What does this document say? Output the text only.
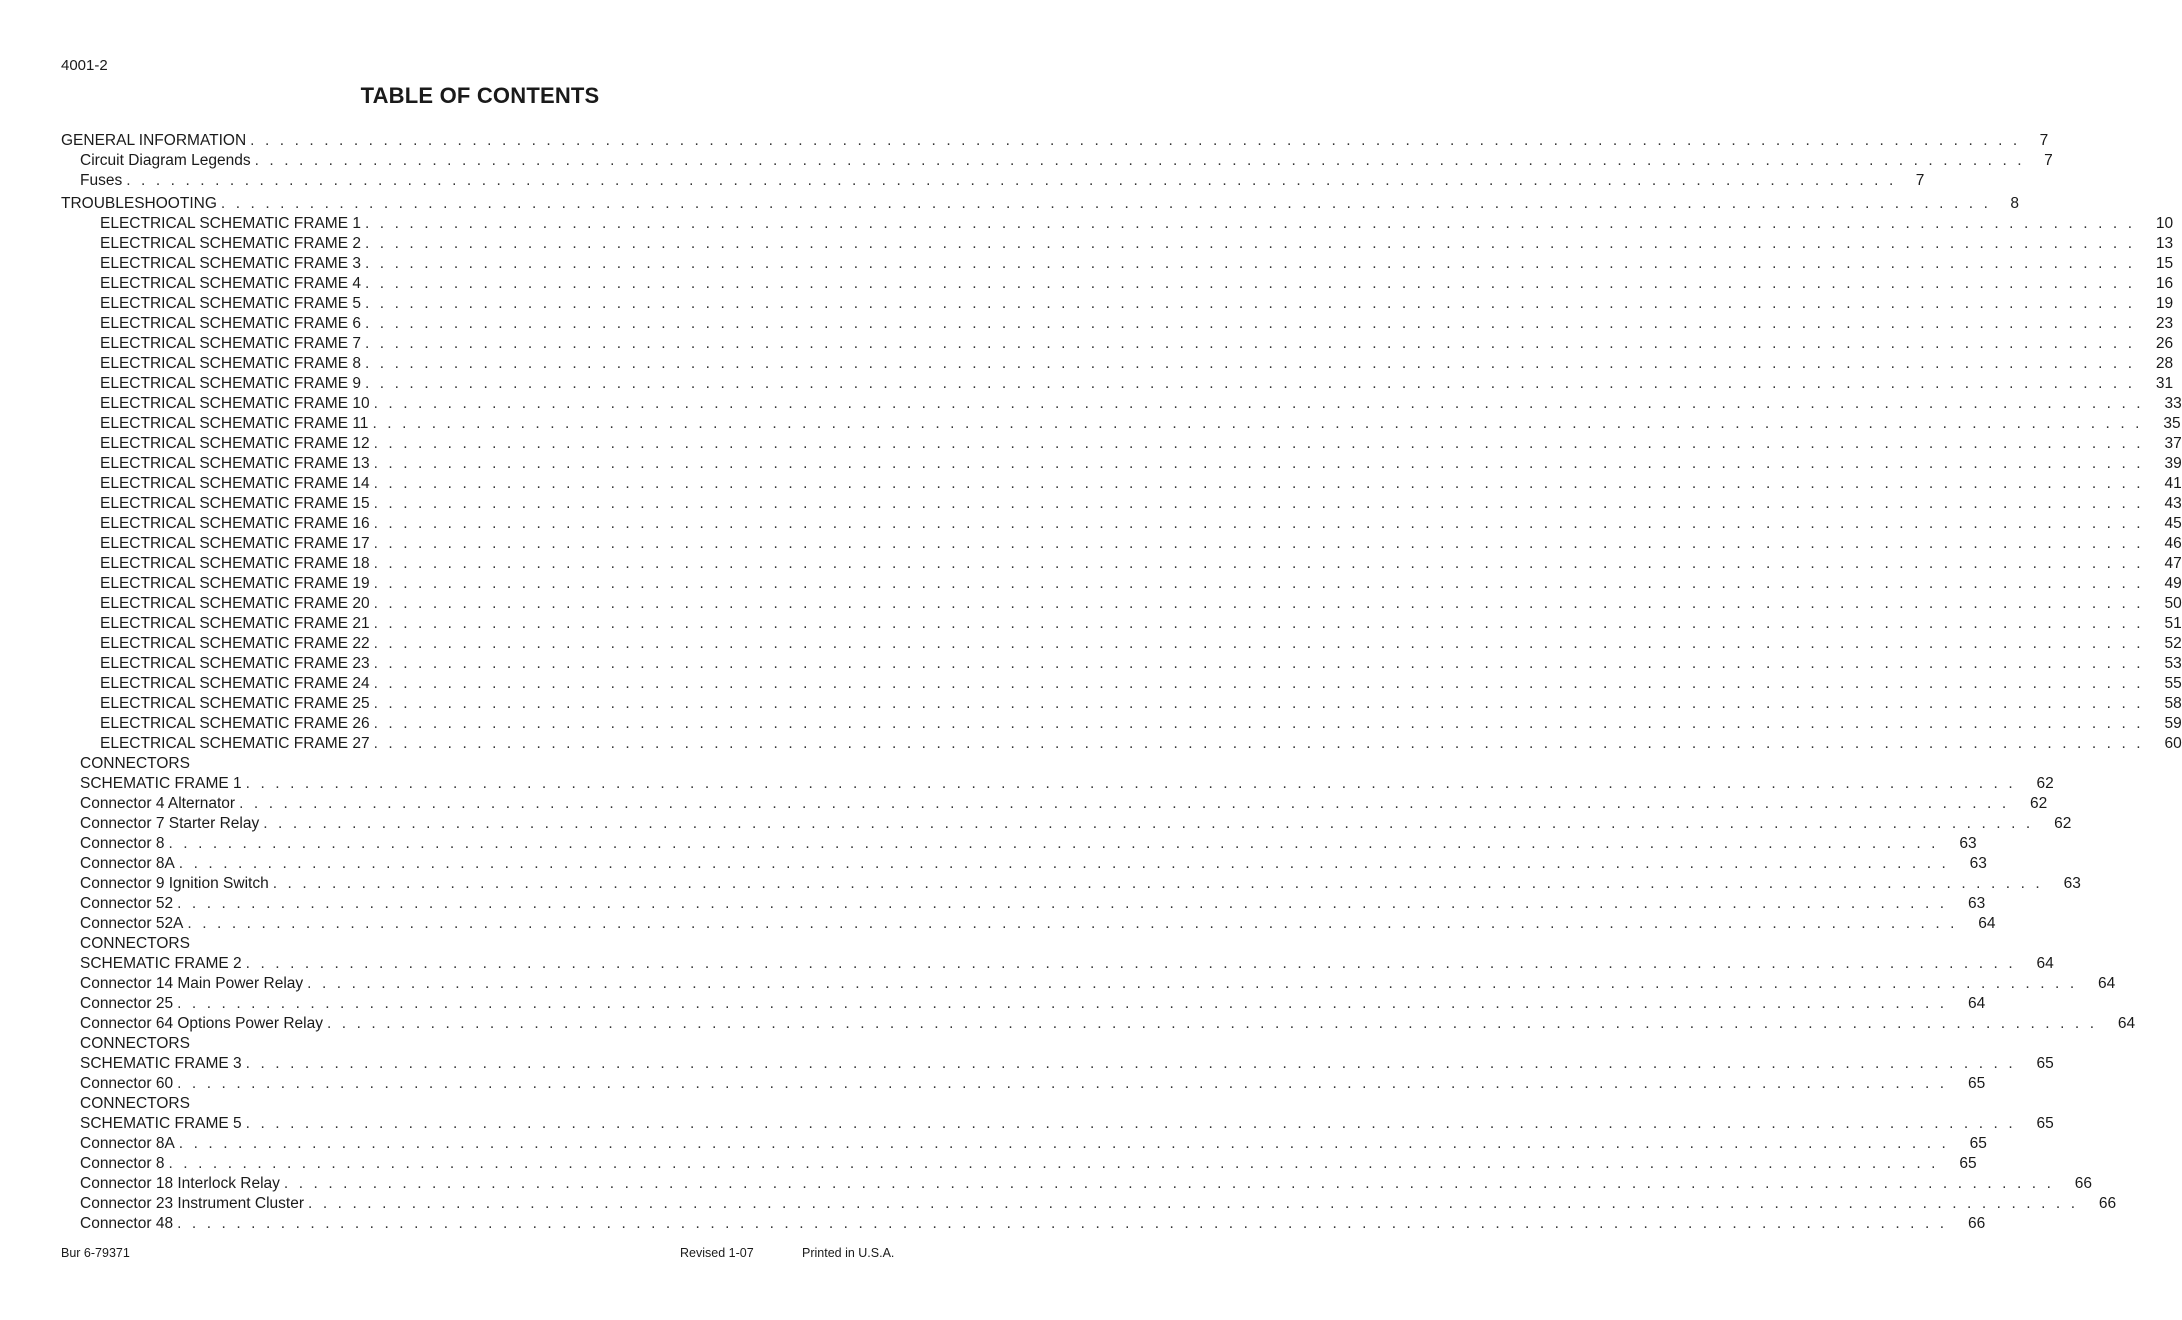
4001-2
TABLE OF CONTENTS
GENERAL INFORMATION . . . . . . . . . . . . . . . . . . . . . . . . . . . . . . . . . . . . . . . . . . . . . . . . . . . . . . . . . . . . . . . . . . . . . . . . . . . . . . . . . . . . . . . . . . . . . . . . . . . . . . . . . . . . . . . . . . . . . . . .	7
Circuit Diagram Legends . . . . . . . . . . . . . . . . . . . . . . . . . . . . . . . . . . . . . . . . . . . . . . . . . . . . . . . . . . . . . . . . . . . . . . . . . . . . . . . . . . . . . . . . . . . . . . . . . . . . . . . . . . . . . . . . . . . . . . . .	7
Fuses . . . . . . . . . . . . . . . . . . . . . . . . . . . . . . . . . . . . . . . . . . . . . . . . . . . . . . . . . . . . . . . . . . . . . . . . . . . . . . . . . . . . . . . . . . . . . . . . . . . . . . . . . . . . . . . . . . . . . . . .	7
TROUBLESHOOTING . . . . . . . . . . . . . . . . . . . . . . . . . . . . . . . . . . . . . . . . . . . . . . . . . . . . . . . . . . . . . . . . . . . . . . . . . . . . . . . . . . . . . . . . . . . . . . . . . . . . . . . . . . . . . . . . . . . . . . . .	8
ELECTRICAL SCHEMATIC FRAME 1 . . . . . . . . . . . . . . . . . . . . . . . . . . . . . . . . . . . . . . . . . . . . . . . . . . . . . . . . . . . . . . . . . . . . . . . . . . . . . . . . . . . . . . . . . . . . . . . . . . . . . . . . . . . . . . . . . . . . . . . .	10
ELECTRICAL SCHEMATIC FRAME 2 . . . . . . . . . . . . . . . . . . . . . . . . . . . . . . . . . . . . . . . . . . . . . . . . . . . . . . . . . . . . . . . . . . . . . . . . . . . . . . . . . . . . . . . . . . . . . . . . . . . . . . . . . . . . . . . . . . . . . . . .	13
ELECTRICAL SCHEMATIC FRAME 3 . . . . . . . . . . . . . . . . . . . . . . . . . . . . . . . . . . . . . . . . . . . . . . . . . . . . . . . . . . . . . . . . . . . . . . . . . . . . . . . . . . . . . . . . . . . . . . . . . . . . . . . . . . . . . . . . . . . . . . . .	15
ELECTRICAL SCHEMATIC FRAME 4 . . . . . . . . . . . . . . . . . . . . . . . . . . . . . . . . . . . . . . . . . . . . . . . . . . . . . . . . . . . . . . . . . . . . . . . . . . . . . . . . . . . . . . . . . . . . . . . . . . . . . . . . . . . . . . . . . . . . . . . .	16
ELECTRICAL SCHEMATIC FRAME 5 . . . . . . . . . . . . . . . . . . . . . . . . . . . . . . . . . . . . . . . . . . . . . . . . . . . . . . . . . . . . . . . . . . . . . . . . . . . . . . . . . . . . . . . . . . . . . . . . . . . . . . . . . . . . . . . . . . . . . . . .	19
ELECTRICAL SCHEMATIC FRAME 6 . . . . . . . . . . . . . . . . . . . . . . . . . . . . . . . . . . . . . . . . . . . . . . . . . . . . . . . . . . . . . . . . . . . . . . . . . . . . . . . . . . . . . . . . . . . . . . . . . . . . . . . . . . . . . . . . . . . . . . . .	23
ELECTRICAL SCHEMATIC FRAME 7 . . . . . . . . . . . . . . . . . . . . . . . . . . . . . . . . . . . . . . . . . . . . . . . . . . . . . . . . . . . . . . . . . . . . . . . . . . . . . . . . . . . . . . . . . . . . . . . . . . . . . . . . . . . . . . . . . . . . . . . .	26
ELECTRICAL SCHEMATIC FRAME 8 . . . . . . . . . . . . . . . . . . . . . . . . . . . . . . . . . . . . . . . . . . . . . . . . . . . . . . . . . . . . . . . . . . . . . . . . . . . . . . . . . . . . . . . . . . . . . . . . . . . . . . . . . . . . . . . . . . . . . . . .	28
ELECTRICAL SCHEMATIC FRAME 9 . . . . . . . . . . . . . . . . . . . . . . . . . . . . . . . . . . . . . . . . . . . . . . . . . . . . . . . . . . . . . . . . . . . . . . . . . . . . . . . . . . . . . . . . . . . . . . . . . . . . . . . . . . . . . . . . . . . . . . . .	31
ELECTRICAL SCHEMATIC FRAME 10 . . . . . . . . . . . . . . . . . . . . . . . . . . . . . . . . . . . . . . . . . . . . . . . . . . . . . . . . . . . . . . . . . . . . . . . . . . . . . . . . . . . . . . . . . . . . . . . . . . . . . . . . . . . . . . . . . . . . . . . .	33
ELECTRICAL SCHEMATIC FRAME 11 . . . . . . . . . . . . . . . . . . . . . . . . . . . . . . . . . . . . . . . . . . . . . . . . . . . . . . . . . . . . . . . . . . . . . . . . . . . . . . . . . . . . . . . . . . . . . . . . . . . . . . . . . . . . . . . . . . . . . . . .	35
ELECTRICAL SCHEMATIC FRAME 12 . . . . . . . . . . . . . . . . . . . . . . . . . . . . . . . . . . . . . . . . . . . . . . . . . . . . . . . . . . . . . . . . . . . . . . . . . . . . . . . . . . . . . . . . . . . . . . . . . . . . . . . . . . . . . . . . . . . . . . . .	37
ELECTRICAL SCHEMATIC FRAME 13 . . . . . . . . . . . . . . . . . . . . . . . . . . . . . . . . . . . . . . . . . . . . . . . . . . . . . . . . . . . . . . . . . . . . . . . . . . . . . . . . . . . . . . . . . . . . . . . . . . . . . . . . . . . . . . . . . . . . . . . .	39
ELECTRICAL SCHEMATIC FRAME 14 . . . . . . . . . . . . . . . . . . . . . . . . . . . . . . . . . . . . . . . . . . . . . . . . . . . . . . . . . . . . . . . . . . . . . . . . . . . . . . . . . . . . . . . . . . . . . . . . . . . . . . . . . . . . . . . . . . . . . . . .	41
ELECTRICAL SCHEMATIC FRAME 15 . . . . . . . . . . . . . . . . . . . . . . . . . . . . . . . . . . . . . . . . . . . . . . . . . . . . . . . . . . . . . . . . . . . . . . . . . . . . . . . . . . . . . . . . . . . . . . . . . . . . . . . . . . . . . . . . . . . . . . . .	43
ELECTRICAL SCHEMATIC FRAME 16 . . . . . . . . . . . . . . . . . . . . . . . . . . . . . . . . . . . . . . . . . . . . . . . . . . . . . . . . . . . . . . . . . . . . . . . . . . . . . . . . . . . . . . . . . . . . . . . . . . . . . . . . . . . . . . . . . . . . . . . .	45
ELECTRICAL SCHEMATIC FRAME 17 . . . . . . . . . . . . . . . . . . . . . . . . . . . . . . . . . . . . . . . . . . . . . . . . . . . . . . . . . . . . . . . . . . . . . . . . . . . . . . . . . . . . . . . . . . . . . . . . . . . . . . . . . . . . . . . . . . . . . . . .	46
ELECTRICAL SCHEMATIC FRAME 18 . . . . . . . . . . . . . . . . . . . . . . . . . . . . . . . . . . . . . . . . . . . . . . . . . . . . . . . . . . . . . . . . . . . . . . . . . . . . . . . . . . . . . . . . . . . . . . . . . . . . . . . . . . . . . . . . . . . . . . . .	47
ELECTRICAL SCHEMATIC FRAME 19 . . . . . . . . . . . . . . . . . . . . . . . . . . . . . . . . . . . . . . . . . . . . . . . . . . . . . . . . . . . . . . . . . . . . . . . . . . . . . . . . . . . . . . . . . . . . . . . . . . . . . . . . . . . . . . . . . . . . . . . .	49
ELECTRICAL SCHEMATIC FRAME 20 . . . . . . . . . . . . . . . . . . . . . . . . . . . . . . . . . . . . . . . . . . . . . . . . . . . . . . . . . . . . . . . . . . . . . . . . . . . . . . . . . . . . . . . . . . . . . . . . . . . . . . . . . . . . . . . . . . . . . . . .	50
ELECTRICAL SCHEMATIC FRAME 21 . . . . . . . . . . . . . . . . . . . . . . . . . . . . . . . . . . . . . . . . . . . . . . . . . . . . . . . . . . . . . . . . . . . . . . . . . . . . . . . . . . . . . . . . . . . . . . . . . . . . . . . . . . . . . . . . . . . . . . . .	51
ELECTRICAL SCHEMATIC FRAME 22 . . . . . . . . . . . . . . . . . . . . . . . . . . . . . . . . . . . . . . . . . . . . . . . . . . . . . . . . . . . . . . . . . . . . . . . . . . . . . . . . . . . . . . . . . . . . . . . . . . . . . . . . . . . . . . . . . . . . . . . .	52
ELECTRICAL SCHEMATIC FRAME 23 . . . . . . . . . . . . . . . . . . . . . . . . . . . . . . . . . . . . . . . . . . . . . . . . . . . . . . . . . . . . . . . . . . . . . . . . . . . . . . . . . . . . . . . . . . . . . . . . . . . . . . . . . . . . . . . . . . . . . . . .	53
ELECTRICAL SCHEMATIC FRAME 24 . . . . . . . . . . . . . . . . . . . . . . . . . . . . . . . . . . . . . . . . . . . . . . . . . . . . . . . . . . . . . . . . . . . . . . . . . . . . . . . . . . . . . . . . . . . . . . . . . . . . . . . . . . . . . . . . . . . . . . . .	55
ELECTRICAL SCHEMATIC FRAME 25 . . . . . . . . . . . . . . . . . . . . . . . . . . . . . . . . . . . . . . . . . . . . . . . . . . . . . . . . . . . . . . . . . . . . . . . . . . . . . . . . . . . . . . . . . . . . . . . . . . . . . . . . . . . . . . . . . . . . . . . .	58
ELECTRICAL SCHEMATIC FRAME 26 . . . . . . . . . . . . . . . . . . . . . . . . . . . . . . . . . . . . . . . . . . . . . . . . . . . . . . . . . . . . . . . . . . . . . . . . . . . . . . . . . . . . . . . . . . . . . . . . . . . . . . . . . . . . . . . . . . . . . . . .	59
ELECTRICAL SCHEMATIC FRAME 27 . . . . . . . . . . . . . . . . . . . . . . . . . . . . . . . . . . . . . . . . . . . . . . . . . . . . . . . . . . . . . . . . . . . . . . . . . . . . . . . . . . . . . . . . . . . . . . . . . . . . . . . . . . . . . . . . . . . . . . . .	60
CONNECTORS
SCHEMATIC FRAME 1 . . . . . . . . . . . . . . . . . . . . . . . . . . . . . . . . . . . . . . . . . . . . . . . . . . . . . . . . . . . . . . . . . . . . . . . . . . . . . . . . . . . . . . . . . . . . . . . . . . . . . . . . . . . . . . . . . . . . . . . .	62
Connector 4 Alternator . . . . . . . . . . . . . . . . . . . . . . . . . . . . . . . . . . . . . . . . . . . . . . . . . . . . . . . . . . . . . . . . . . . . . . . . . . . . . . . . . . . . . . . . . . . . . . . . . . . . . . . . . . . . . . . . . . . . . . . .	62
Connector 7 Starter Relay . . . . . . . . . . . . . . . . . . . . . . . . . . . . . . . . . . . . . . . . . . . . . . . . . . . . . . . . . . . . . . . . . . . . . . . . . . . . . . . . . . . . . . . . . . . . . . . . . . . . . . . . . . . . . . . . . . . . . . . .	62
Connector 8 . . . . . . . . . . . . . . . . . . . . . . . . . . . . . . . . . . . . . . . . . . . . . . . . . . . . . . . . . . . . . . . . . . . . . . . . . . . . . . . . . . . . . . . . . . . . . . . . . . . . . . . . . . . . . . . . . . . . . . . .	63
Connector 8A . . . . . . . . . . . . . . . . . . . . . . . . . . . . . . . . . . . . . . . . . . . . . . . . . . . . . . . . . . . . . . . . . . . . . . . . . . . . . . . . . . . . . . . . . . . . . . . . . . . . . . . . . . . . . . . . . . . . . . . .	63
Connector 9 Ignition Switch . . . . . . . . . . . . . . . . . . . . . . . . . . . . . . . . . . . . . . . . . . . . . . . . . . . . . . . . . . . . . . . . . . . . . . . . . . . . . . . . . . . . . . . . . . . . . . . . . . . . . . . . . . . . . . . . . . . . . . . .	63
Connector 52 . . . . . . . . . . . . . . . . . . . . . . . . . . . . . . . . . . . . . . . . . . . . . . . . . . . . . . . . . . . . . . . . . . . . . . . . . . . . . . . . . . . . . . . . . . . . . . . . . . . . . . . . . . . . . . . . . . . . . . . .	63
Connector 52A . . . . . . . . . . . . . . . . . . . . . . . . . . . . . . . . . . . . . . . . . . . . . . . . . . . . . . . . . . . . . . . . . . . . . . . . . . . . . . . . . . . . . . . . . . . . . . . . . . . . . . . . . . . . . . . . . . . . . . . .	64
CONNECTORS
SCHEMATIC FRAME 2 . . . . . . . . . . . . . . . . . . . . . . . . . . . . . . . . . . . . . . . . . . . . . . . . . . . . . . . . . . . . . . . . . . . . . . . . . . . . . . . . . . . . . . . . . . . . . . . . . . . . . . . . . . . . . . . . . . . . . . . .	64
Connector 14 Main Power Relay . . . . . . . . . . . . . . . . . . . . . . . . . . . . . . . . . . . . . . . . . . . . . . . . . . . . . . . . . . . . . . . . . . . . . . . . . . . . . . . . . . . . . . . . . . . . . . . . . . . . . . . . . . . . . . . . . . . . . . . .	64
Connector 25 . . . . . . . . . . . . . . . . . . . . . . . . . . . . . . . . . . . . . . . . . . . . . . . . . . . . . . . . . . . . . . . . . . . . . . . . . . . . . . . . . . . . . . . . . . . . . . . . . . . . . . . . . . . . . . . . . . . . . . . .	64
Connector 64 Options Power Relay . . . . . . . . . . . . . . . . . . . . . . . . . . . . . . . . . . . . . . . . . . . . . . . . . . . . . . . . . . . . . . . . . . . . . . . . . . . . . . . . . . . . . . . . . . . . . . . . . . . . . . . . . . . . . . . . . . . . . . . .	64
CONNECTORS
SCHEMATIC FRAME 3 . . . . . . . . . . . . . . . . . . . . . . . . . . . . . . . . . . . . . . . . . . . . . . . . . . . . . . . . . . . . . . . . . . . . . . . . . . . . . . . . . . . . . . . . . . . . . . . . . . . . . . . . . . . . . . . . . . . . . . . .	65
Connector 60 . . . . . . . . . . . . . . . . . . . . . . . . . . . . . . . . . . . . . . . . . . . . . . . . . . . . . . . . . . . . . . . . . . . . . . . . . . . . . . . . . . . . . . . . . . . . . . . . . . . . . . . . . . . . . . . . . . . . . . . .	65
CONNECTORS
SCHEMATIC FRAME 5 . . . . . . . . . . . . . . . . . . . . . . . . . . . . . . . . . . . . . . . . . . . . . . . . . . . . . . . . . . . . . . . . . . . . . . . . . . . . . . . . . . . . . . . . . . . . . . . . . . . . . . . . . . . . . . . . . . . . . . . .	65
Connector 8A . . . . . . . . . . . . . . . . . . . . . . . . . . . . . . . . . . . . . . . . . . . . . . . . . . . . . . . . . . . . . . . . . . . . . . . . . . . . . . . . . . . . . . . . . . . . . . . . . . . . . . . . . . . . . . . . . . . . . . . .	65
Connector 8 . . . . . . . . . . . . . . . . . . . . . . . . . . . . . . . . . . . . . . . . . . . . . . . . . . . . . . . . . . . . . . . . . . . . . . . . . . . . . . . . . . . . . . . . . . . . . . . . . . . . . . . . . . . . . . . . . . . . . . . .	65
Connector 18 Interlock Relay . . . . . . . . . . . . . . . . . . . . . . . . . . . . . . . . . . . . . . . . . . . . . . . . . . . . . . . . . . . . . . . . . . . . . . . . . . . . . . . . . . . . . . . . . . . . . . . . . . . . . . . . . . . . . . . . . . . . . . . .	66
Connector 23 Instrument Cluster . . . . . . . . . . . . . . . . . . . . . . . . . . . . . . . . . . . . . . . . . . . . . . . . . . . . . . . . . . . . . . . . . . . . . . . . . . . . . . . . . . . . . . . . . . . . . . . . . . . . . . . . . . . . . . . . . . . . . . . .	66
Connector 48 . . . . . . . . . . . . . . . . . . . . . . . . . . . . . . . . . . . . . . . . . . . . . . . . . . . . . . . . . . . . . . . . . . . . . . . . . . . . . . . . . . . . . . . . . . . . . . . . . . . . . . . . . . . . . . . . . . . . . . . .	66
Bur 6-79371	Revised 1-07	Printed in U.S.A.
